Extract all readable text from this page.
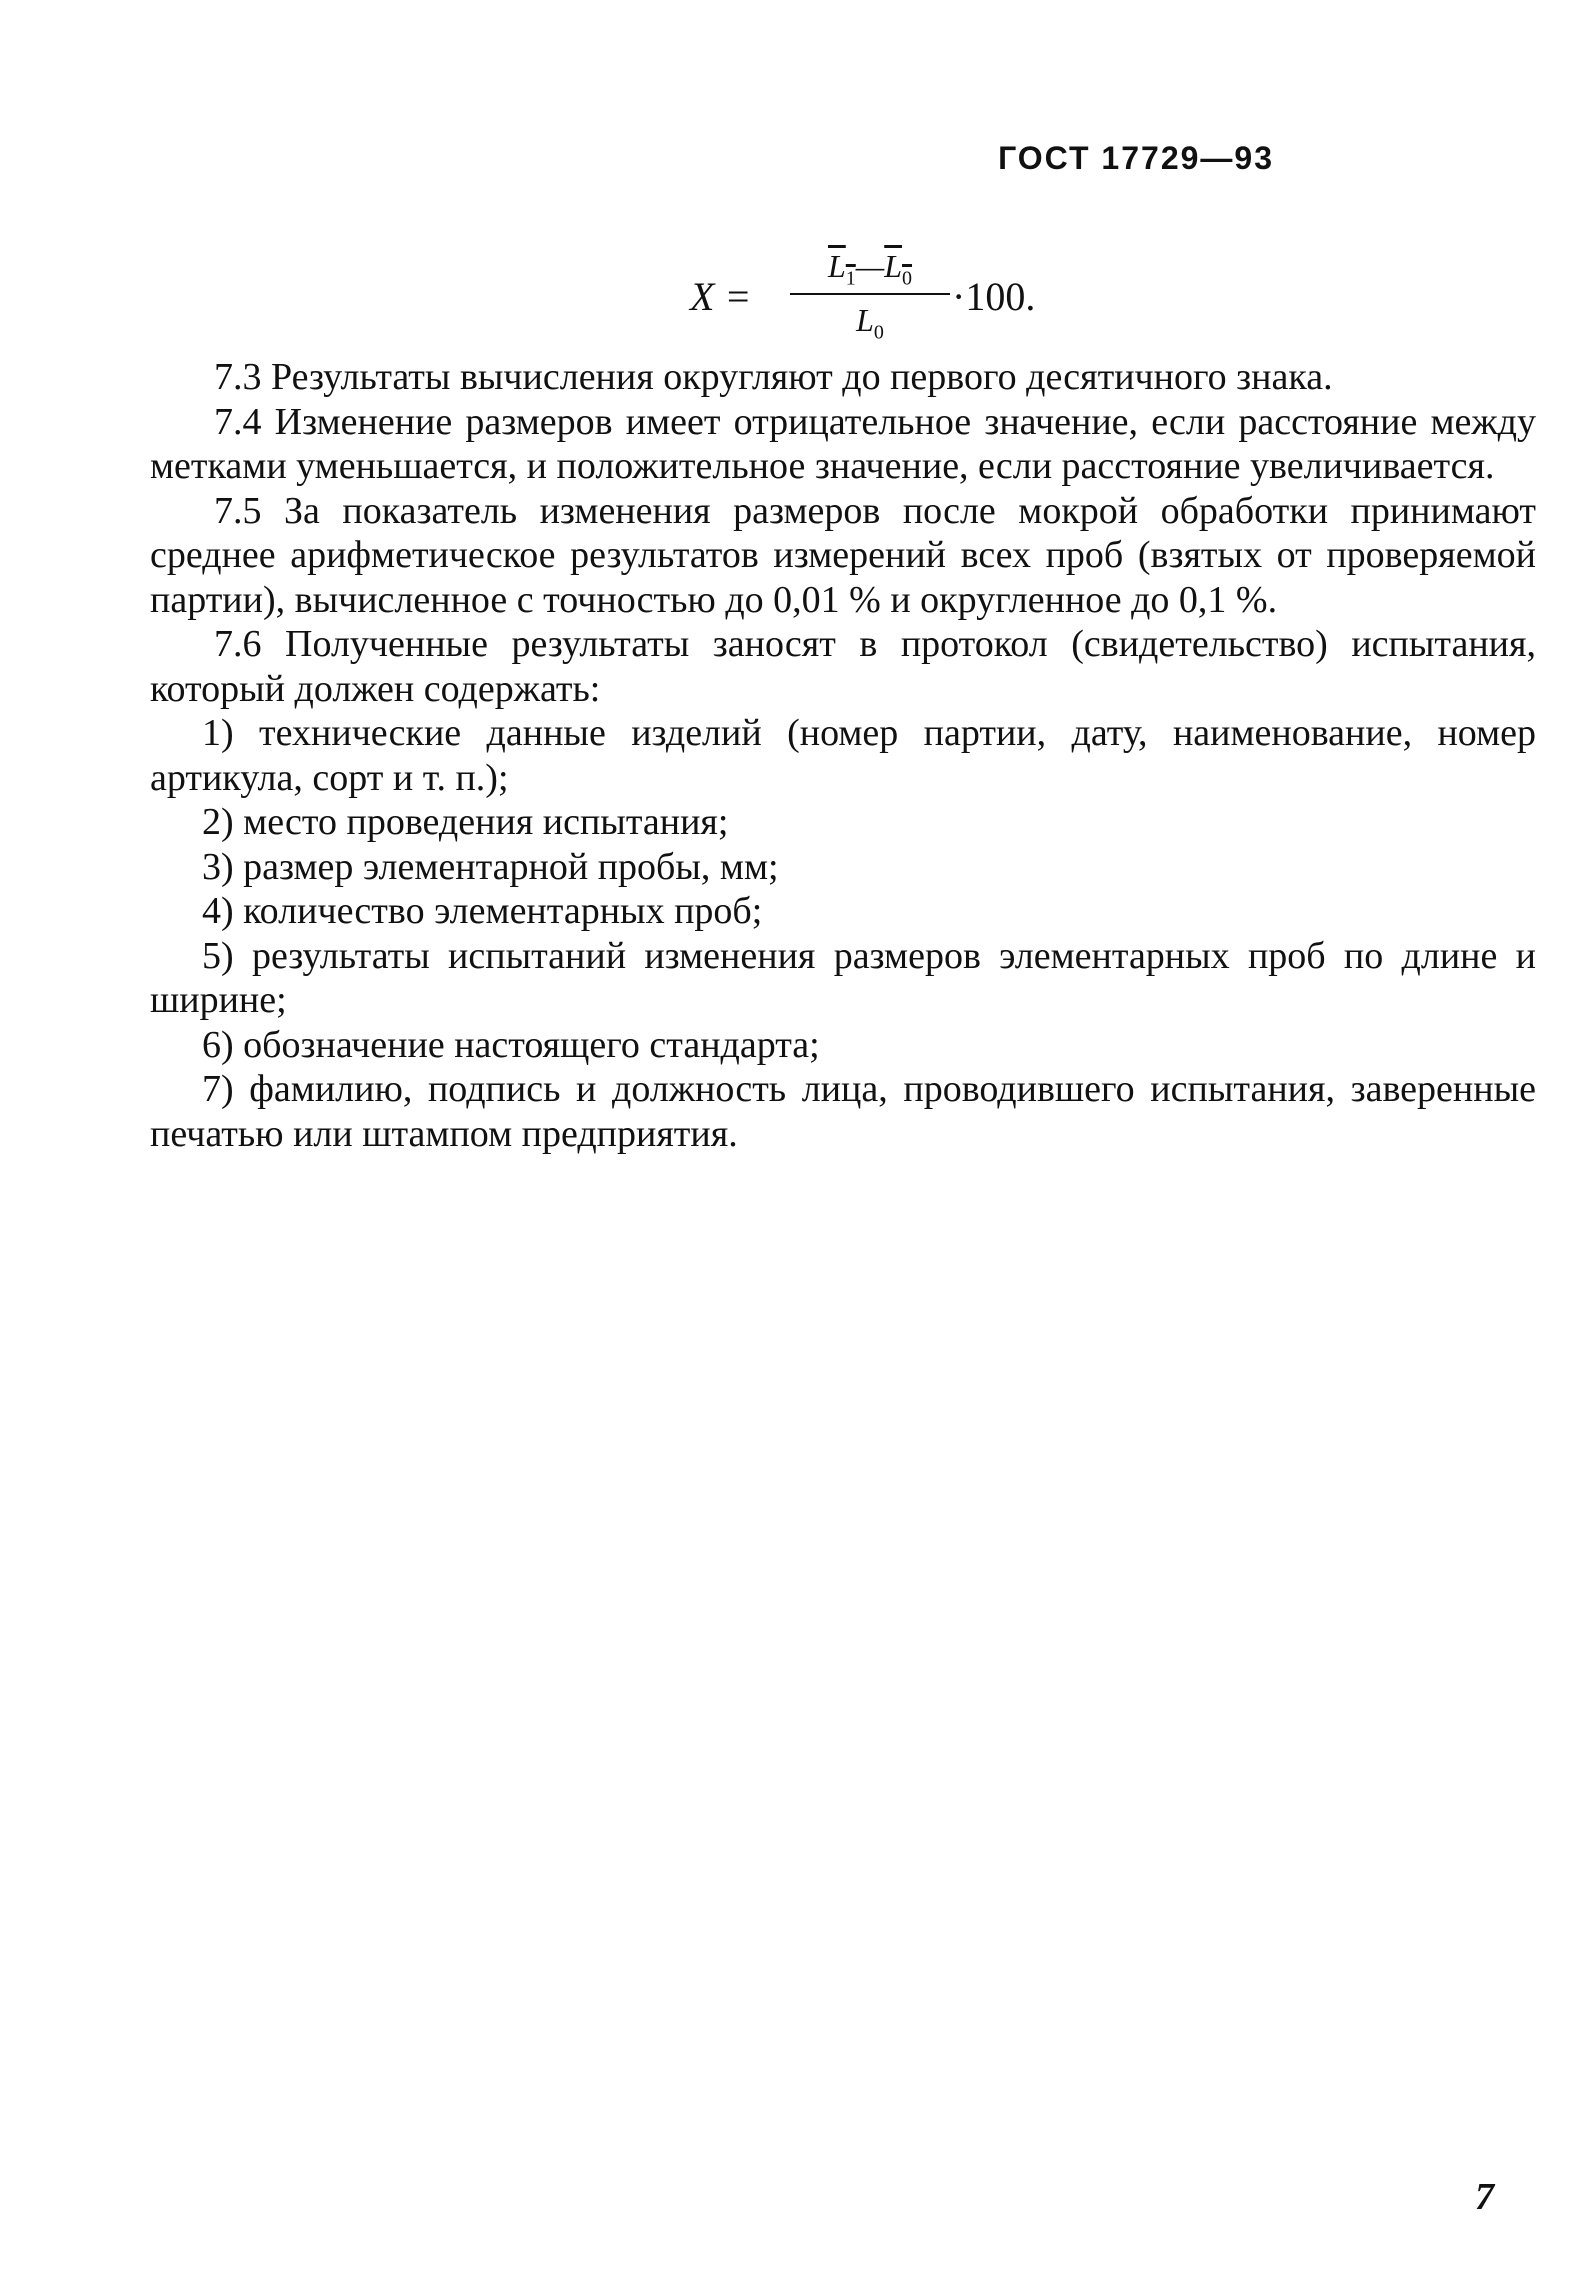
ГОСТ 17729—93
X =
$L_1—L_0$
$L_0$
·100.

7.3 Результаты вычисления округляют до первого десятичного знака.

7.4 Изменение размеров имеет отрицательное значение, если расстояние между метками уменьшается, и положительное значение, если расстояние увеличивается.

7.5 За показатель изменения размеров после мокрой обработки принимают среднее арифметическое результатов измерений всех проб (взятых от проверяемой партии), вычисленное с точностью до 0,01 % и округленное до 0,1 %.

7.6 Полученные результаты заносят в протокол (свидетельство) испытания, который должен содержать:

1) технические данные изделий (номер партии, дату, наименование, номер артикула, сорт и т. п.);

2) место проведения испытания;

3) размер элементарной пробы, мм;

4) количество элементарных проб;

5) результаты испытаний изменения размеров элементарных проб по длине и ширине;

6) обозначение настоящего стандарта;

7) фамилию, подпись и должность лица, проводившего испытания, заверенные печатью или штампом предприятия.

7
